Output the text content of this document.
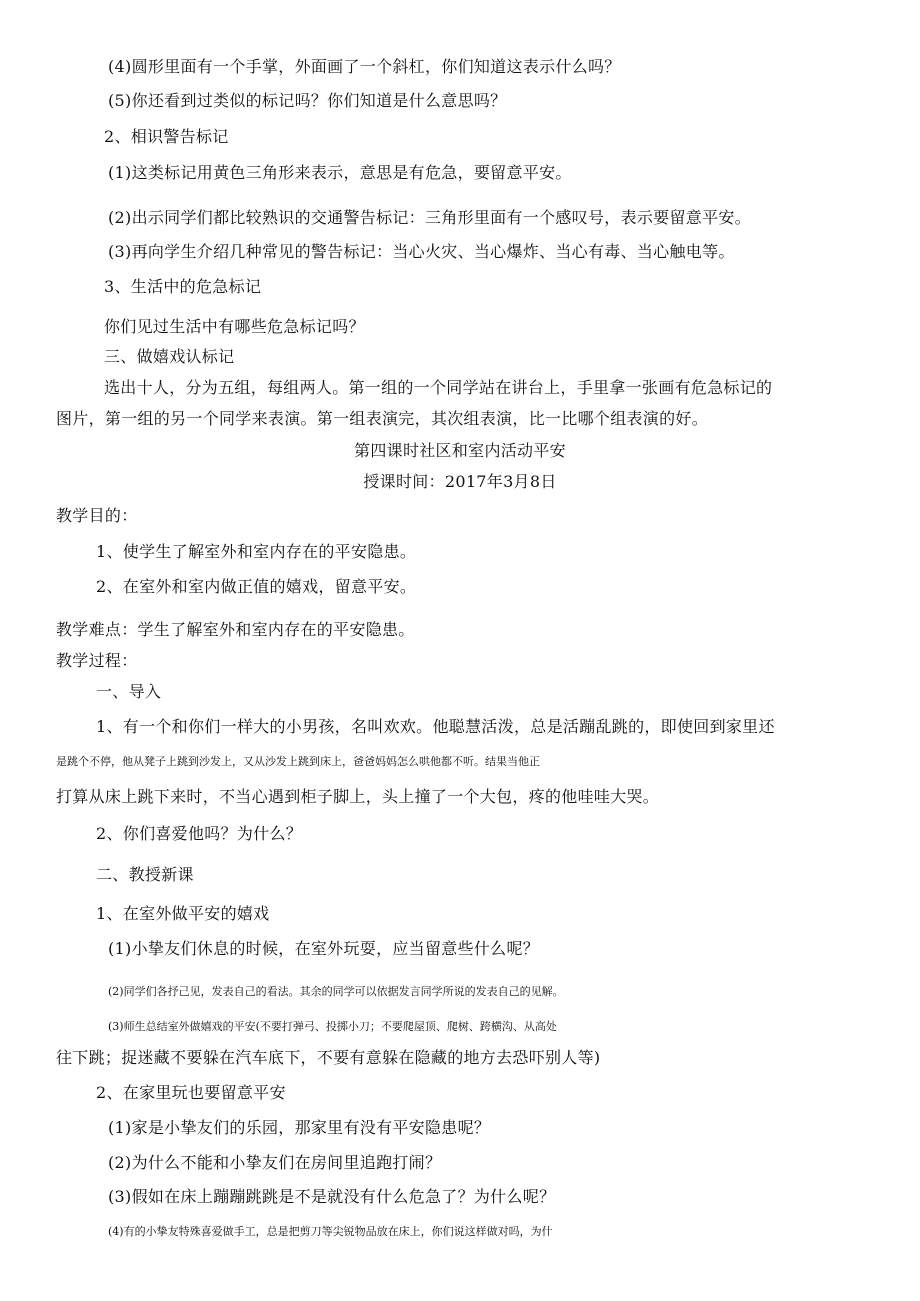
(4)圆形里面有一个手掌，外面画了一个斜杠，你们知道这表示什么吗？
(5)你还看到过类似的标记吗？你们知道是什么意思吗？
2、相识警告标记
(1)这类标记用黄色三角形来表示，意思是有危急，要留意平安。
(2)出示同学们都比较熟识的交通警告标记：三角形里面有一个感叹号，表示要留意平安。
(3)再向学生介绍几种常见的警告标记：当心火灾、当心爆炸、当心有毒、当心触电等。
3、生活中的危急标记
你们见过生活中有哪些危急标记吗？
三、做嬉戏认标记
选出十人，分为五组，每组两人。第一组的一个同学站在讲台上，手里拿一张画有危急标记的
图片，第一组的另一个同学来表演。第一组表演完，其次组表演，比一比哪个组表演的好。
第四课时社区和室内活动平安
授课时间：2017年3月8日
教学目的：
1、使学生了解室外和室内存在的平安隐患。
2、在室外和室内做正值的嬉戏，留意平安。
教学难点：学生了解室外和室内存在的平安隐患。
教学过程：
一、导入
1、有一个和你们一样大的小男孩，名叫欢欢。他聪慧活泼，总是活蹦乱跳的，即使回到家里还
是跳个不停，他从凳子上跳到沙发上，又从沙发上跳到床上，爸爸妈妈怎么哄他都不听。结果当他正
打算从床上跳下来时，不当心遇到柜子脚上，头上撞了一个大包，疼的他哇哇大哭。
2、你们喜爱他吗？为什么？
二、教授新课
1、在室外做平安的嬉戏
(1)小挚友们休息的时候，在室外玩耍，应当留意些什么呢？
(2)同学们各抒己见，发表自己的看法。其余的同学可以依据发言同学所说的发表自己的见解。
(3)师生总结室外做嬉戏的平安(不要打弹弓、投掷小刀；不要爬屋顶、爬树、跨横沟、从高处
往下跳；捉迷藏不要躲在汽车底下，不要有意躲在隐藏的地方去恐吓别人等)
2、在家里玩也要留意平安
(1)家是小挚友们的乐园，那家里有没有平安隐患呢？
(2)为什么不能和小挚友们在房间里追跑打闹？
(3)假如在床上蹦蹦跳跳是不是就没有什么危急了？为什么呢？
(4)有的小挚友特殊喜爱做手工，总是把剪刀等尖锐物品放在床上，你们说这样做对吗，为什
